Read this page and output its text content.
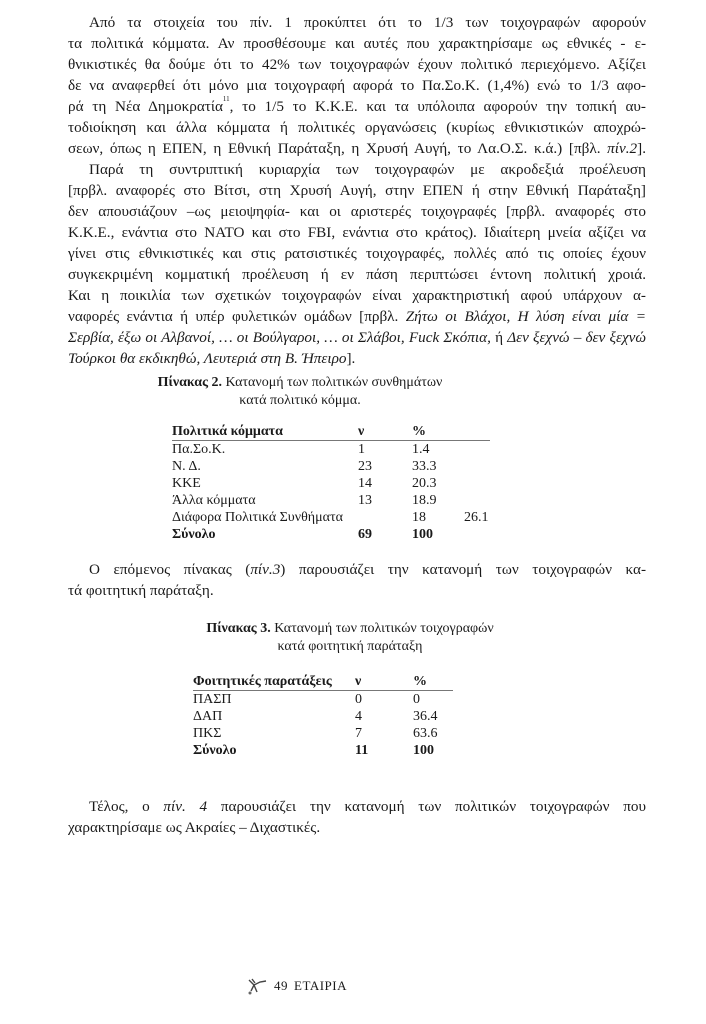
Από τα στοιχεία του πίν. 1 προκύπτει ότι το 1/3 των τοιχογραφών αφορούν
τα πολιτικά κόμματα. Αν προσθέσουμε και αυτές που χαρακτηρίσαμε ως εθνικές - ε-
θνικιστικές θα δούμε ότι το 42% των τοιχογραφών έχουν πολιτικό περιεχόμενο. Αξίζει
δε να αναφερθεί ότι μόνο μια τοιχογραφή αφορά το Πα.Σο.Κ. (1,4%) ενώ το 1/3 αφο-
ρά τη Νέα Δημοκρατία$^{11}$, το 1/5 το Κ.Κ.Ε. και τα υπόλοιπα αφορούν την τοπική αυ-
τοδιοίκηση και άλλα κόμματα ή πολιτικές οργανώσεις (κυρίως εθνικιστικών αποχρώ-
σεων, όπως η ΕΠΕΝ, η Εθνική Παράταξη, η Χρυσή Αυγή, το Λα.Ο.Σ. κ.ά.) [πβλ. πίν.2].
Παρά τη συντριπτική κυριαρχία των τοιχογραφών με ακροδεξιά προέλευση
[πρβλ. αναφορές στο Βίτσι, στη Χρυσή Αυγή, στην ΕΠΕΝ ή στην Εθνική Παράταξη]
δεν απουσιάζουν –ως μειοψηφία- και οι αριστερές τοιχογραφές [πρβλ. αναφορές στο
Κ.Κ.Ε., ενάντια στο ΝΑΤΟ και στο FBI, ενάντια στο κράτος). Ιδιαίτερη μνεία αξίζει να
γίνει στις εθνικιστικές και στις ρατσιστικές τοιχογραφές, πολλές από τις οποίες έχουν
συγκεκριμένη κομματική προέλευση ή εν πάση περιπτώσει έντονη πολιτική χροιά.
Και η ποικιλία των σχετικών τοιχογραφών είναι χαρακτηριστική αφού υπάρχουν α-
ναφορές ενάντια ή υπέρ φυλετικών ομάδων [πρβλ. Ζήτω οι Βλάχοι, Η λύση είναι μία =
Σερβία, έξω οι Αλβανοί, … οι Βούλγαροι, … οι Σλάβοι, Fuck Σκόπια, ή Δεν ξεχνώ – δεν ξεχνώ
Τούρκοι θα εκδικηθώ, Λευτεριά στη Β. Ήπειρο].
Πίνακας 2. Κατανομή των πολιτικών συνθημάτων
κατά πολιτικό κόμμα.
Πολιτικά κόμματα	ν	%	
Πα.Σο.Κ.	1	1.4	
Ν. Δ.	23	33.3	
ΚΚΕ	14	20.3	
Άλλα κόμματα	13	18.9	
Διάφορα Πολιτικά Συνθήματα		18	26.1
Σύνολο	69	100	
Ο επόμενος πίνακας (πίν.3) παρουσιάζει την κατανομή των τοιχογραφών κα-
τά φοιτητική παράταξη.
Πίνακας 3. Κατανομή των πολιτικών τοιχογραφών
κατά φοιτητική παράταξη
Φοιτητικές παρατάξεις	ν	%
ΠΑΣΠ	0	0
ΔΑΠ	4	36.4
ΠΚΣ	7	63.6
Σύνολο	11	100
Τέλος, ο πίν. 4 παρουσιάζει την κατανομή των πολιτικών τοιχογραφών που
χαρακτηρίσαμε ως Ακραίες – Διχαστικές.
49 ΕΤΑΙΡΙΑ
